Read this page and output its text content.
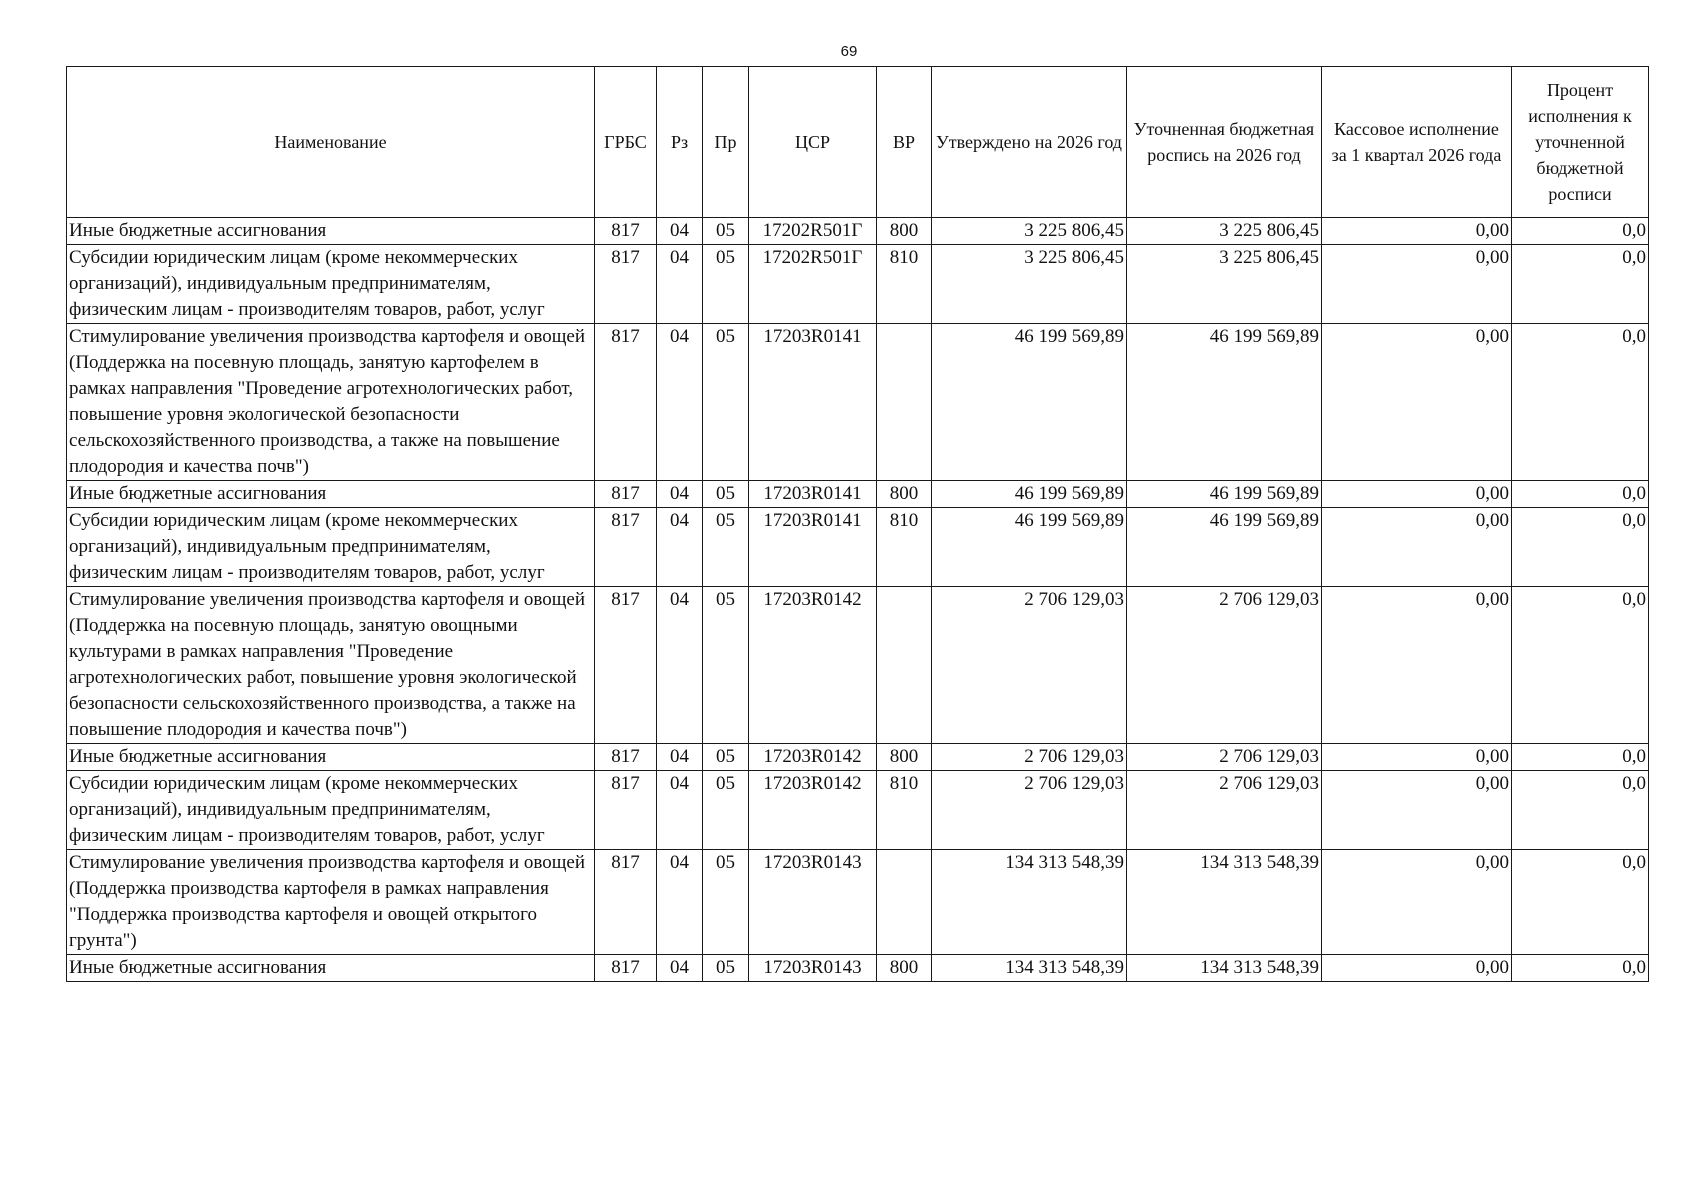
69
Наименование	ГРБС	Рз	Пр	ЦСР	ВР	Утверждено на 2026 год	Уточненная бюджетная роспись на 2026 год	Кассовое исполнение за 1 квартал 2026 года	Процент исполнения к уточненной бюджетной росписи
Иные бюджетные ассигнования	817	04	05	17202R501Г	800	3 225 806,45	3 225 806,45	0,00	0,0
Субсидии юридическим лицам (кроме некоммерческих организаций), индивидуальным предпринимателям, физическим лицам - производителям товаров, работ, услуг	817	04	05	17202R501Г	810	3 225 806,45	3 225 806,45	0,00	0,0
Стимулирование увеличения производства картофеля и овощей (Поддержка на посевную площадь, занятую картофелем в рамках направления "Проведение агротехнологических работ, повышение уровня экологической безопасности сельскохозяйственного производства, а также на повышение плодородия и качества почв")	817	04	05	17203R0141		46 199 569,89	46 199 569,89	0,00	0,0
Иные бюджетные ассигнования	817	04	05	17203R0141	800	46 199 569,89	46 199 569,89	0,00	0,0
Субсидии юридическим лицам (кроме некоммерческих организаций), индивидуальным предпринимателям, физическим лицам - производителям товаров, работ, услуг	817	04	05	17203R0141	810	46 199 569,89	46 199 569,89	0,00	0,0
Стимулирование увеличения производства картофеля и овощей (Поддержка на посевную площадь, занятую овощными культурами в рамках направления "Проведение агротехнологических работ, повышение уровня экологической безопасности сельскохозяйственного производства, а также на повышение плодородия и качества почв")	817	04	05	17203R0142		2 706 129,03	2 706 129,03	0,00	0,0
Иные бюджетные ассигнования	817	04	05	17203R0142	800	2 706 129,03	2 706 129,03	0,00	0,0
Субсидии юридическим лицам (кроме некоммерческих организаций), индивидуальным предпринимателям, физическим лицам - производителям товаров, работ, услуг	817	04	05	17203R0142	810	2 706 129,03	2 706 129,03	0,00	0,0
Стимулирование увеличения производства картофеля и овощей (Поддержка производства картофеля в рамках направления "Поддержка производства картофеля и овощей открытого грунта")	817	04	05	17203R0143		134 313 548,39	134 313 548,39	0,00	0,0
Иные бюджетные ассигнования	817	04	05	17203R0143	800	134 313 548,39	134 313 548,39	0,00	0,0
